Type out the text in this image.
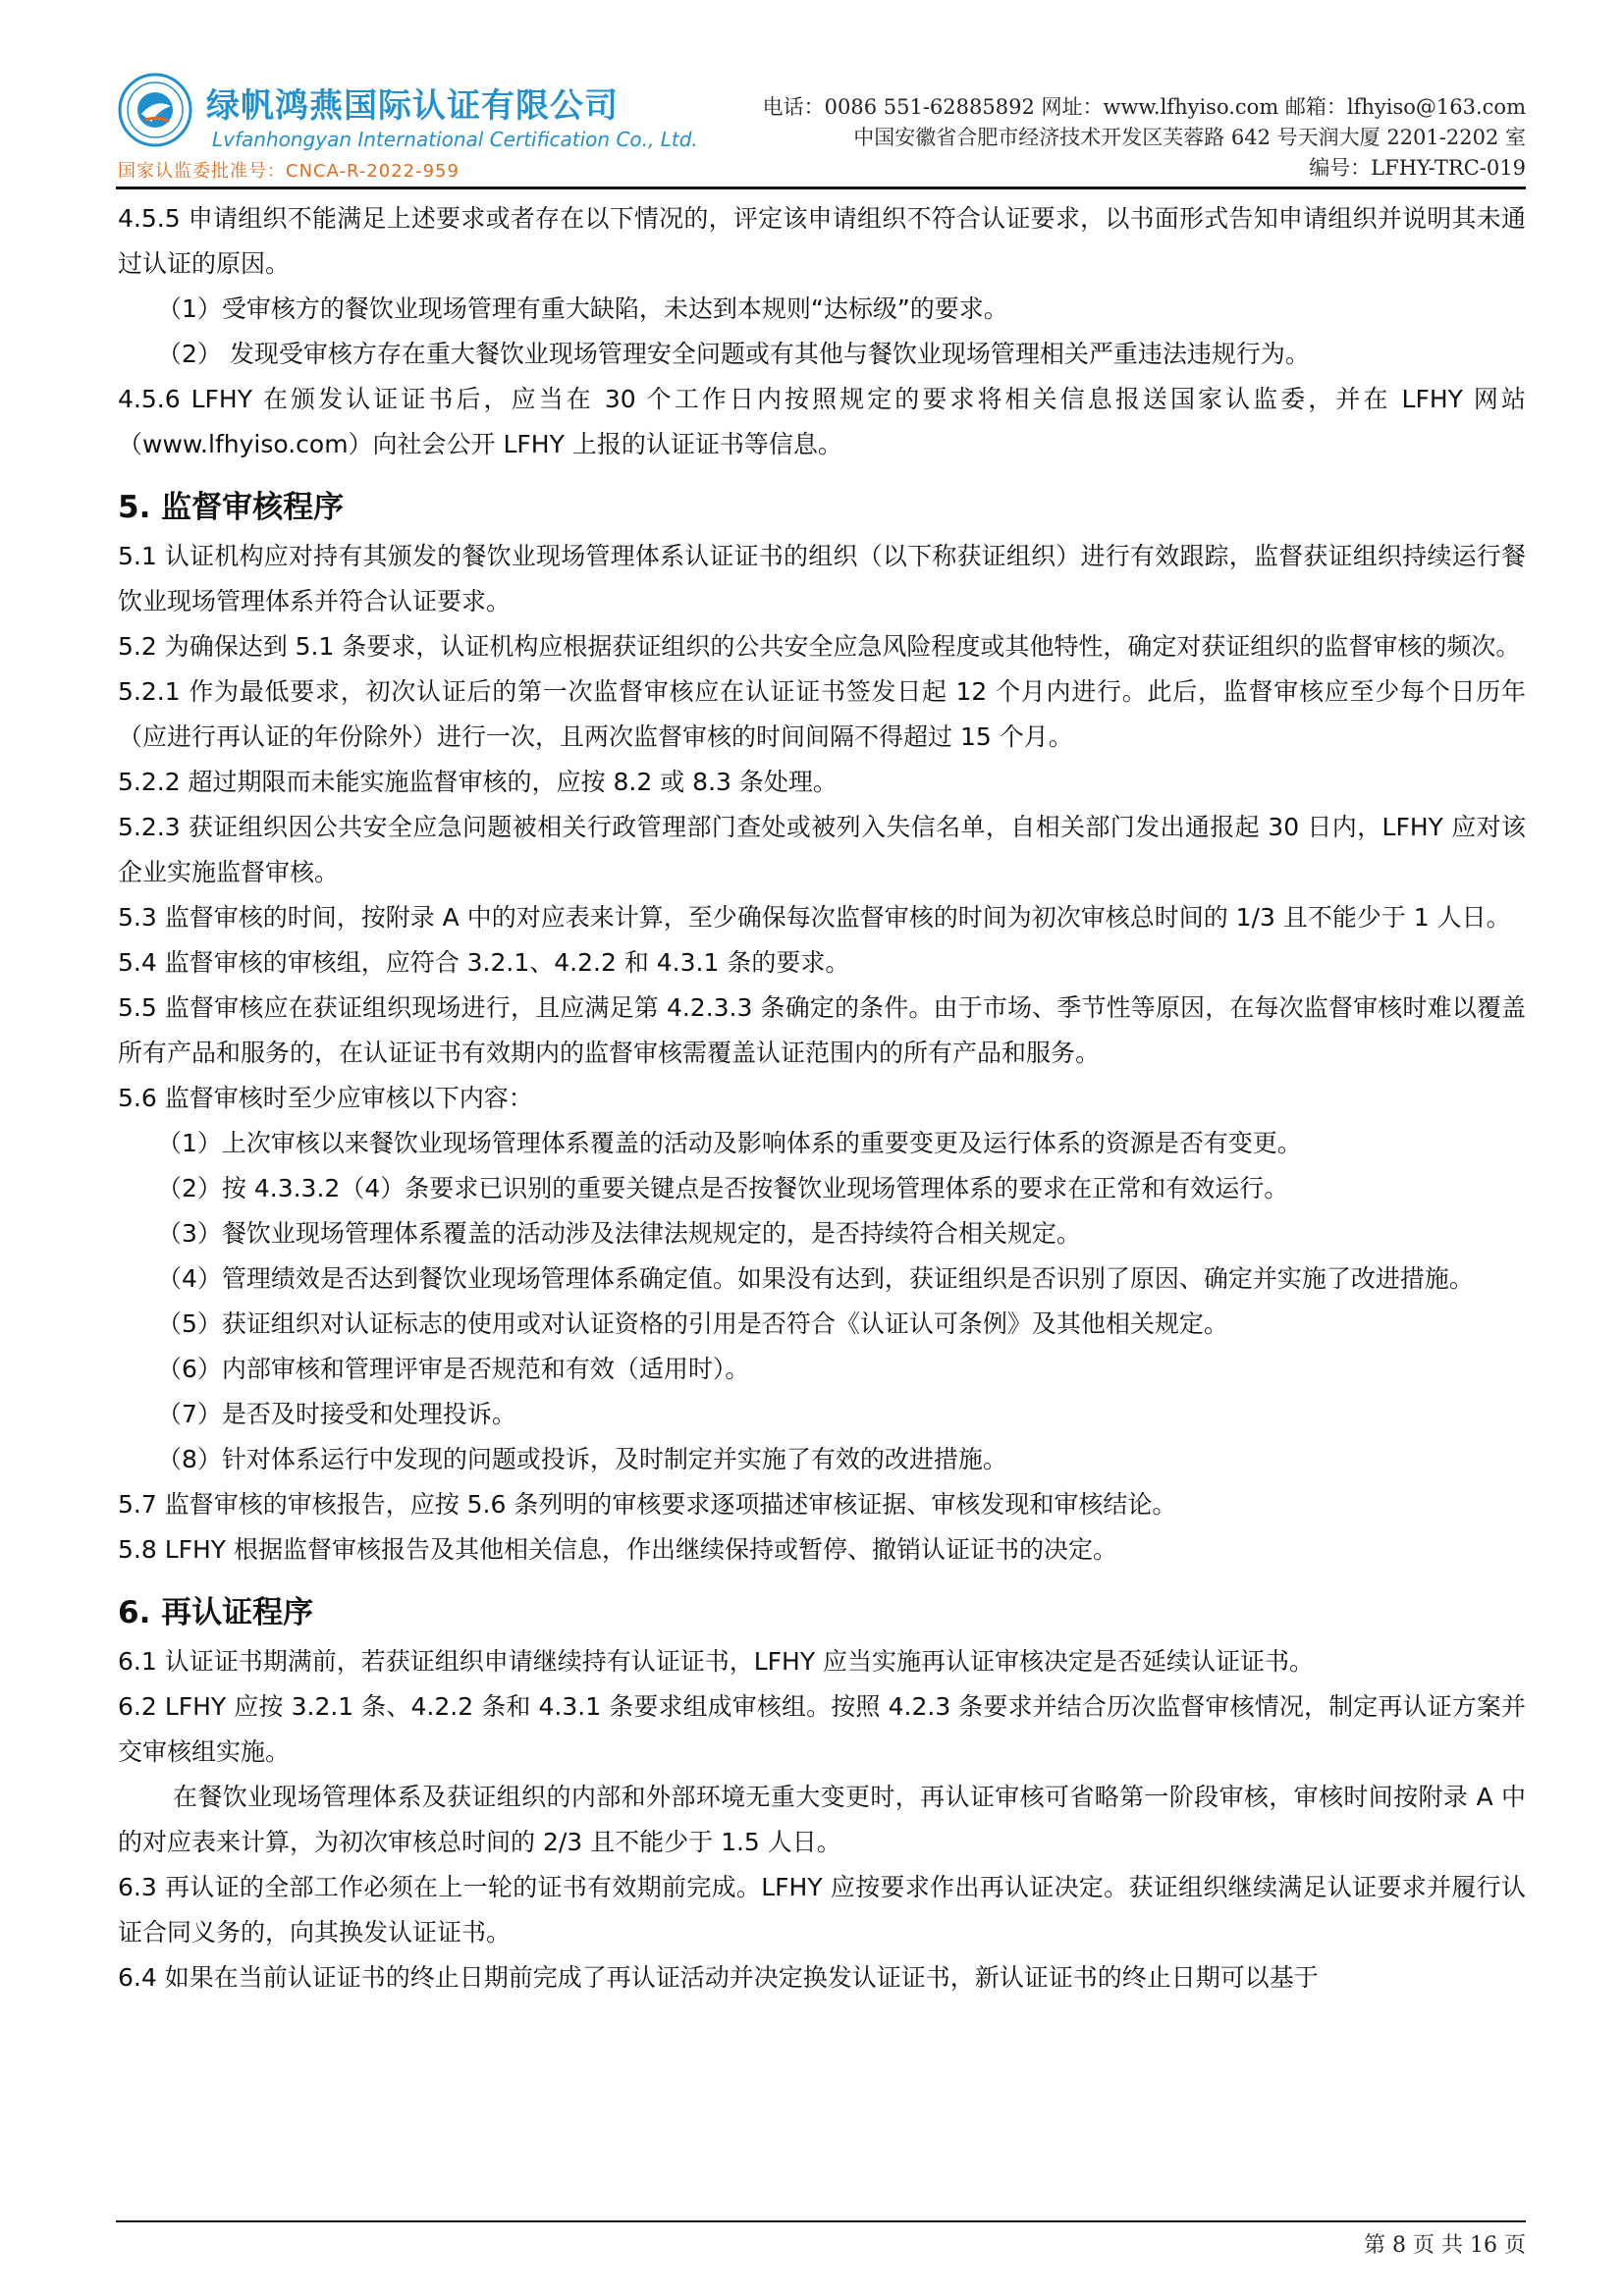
绿帆鸿燕国际认证有限公司
Lvfanhongyan International Certification Co., Ltd.
国家认监委批准号：CNCA-R-2022-959
电话：0086 551-62885892 网址：www.lfhyiso.com 邮箱：lfhyiso@163.com
中国安徽省合肥市经济技术开发区芙蓉路 642 号天润大厦 2201-2202 室
编号：LFHY-TRC-019

4.5.5 申请组织不能满足上述要求或者存在以下情况的，评定该申请组织不符合认证要求，以书面形式告知申请组织并说明其未通过认证的原因。

（1）受审核方的餐饮业现场管理有重大缺陷，未达到本规则“达标级”的要求。

（2） 发现受审核方存在重大餐饮业现场管理安全问题或有其他与餐饮业现场管理相关严重违法违规行为。

4.5.6 LFHY 在颁发认证证书后，应当在 30 个工作日内按照规定的要求将相关信息报送国家认监委，并在 LFHY 网站（www.lfhyiso.com）向社会公开 LFHY 上报的认证证书等信息。

5. 监督审核程序

5.1 认证机构应对持有其颁发的餐饮业现场管理体系认证证书的组织（以下称获证组织）进行有效跟踪，监督获证组织持续运行餐饮业现场管理体系并符合认证要求。

5.2 为确保达到 5.1 条要求，认证机构应根据获证组织的公共安全应急风险程度或其他特性，确定对获证组织的监督审核的频次。

5.2.1 作为最低要求，初次认证后的第一次监督审核应在认证证书签发日起 12 个月内进行。此后，监督审核应至少每个日历年（应进行再认证的年份除外）进行一次，且两次监督审核的时间间隔不得超过 15 个月。

5.2.2 超过期限而未能实施监督审核的，应按 8.2 或 8.3 条处理。

5.2.3 获证组织因公共安全应急问题被相关行政管理部门查处或被列入失信名单，自相关部门发出通报起 30 日内，LFHY 应对该企业实施监督审核。

5.3 监督审核的时间，按附录 A 中的对应表来计算，至少确保每次监督审核的时间为初次审核总时间的 1/3 且不能少于 1 人日。

5.4 监督审核的审核组，应符合 3.2.1、4.2.2 和 4.3.1 条的要求。

5.5 监督审核应在获证组织现场进行，且应满足第 4.2.3.3 条确定的条件。由于市场、季节性等原因，在每次监督审核时难以覆盖所有产品和服务的，在认证证书有效期内的监督审核需覆盖认证范围内的所有产品和服务。

5.6 监督审核时至少应审核以下内容：

（1）上次审核以来餐饮业现场管理体系覆盖的活动及影响体系的重要变更及运行体系的资源是否有变更。

（2）按 4.3.3.2（4）条要求已识别的重要关键点是否按餐饮业现场管理体系的要求在正常和有效运行。

（3）餐饮业现场管理体系覆盖的活动涉及法律法规规定的，是否持续符合相关规定。

（4）管理绩效是否达到餐饮业现场管理体系确定值。如果没有达到，获证组织是否识别了原因、确定并实施了改进措施。

（5）获证组织对认证标志的使用或对认证资格的引用是否符合《认证认可条例》及其他相关规定。

（6）内部审核和管理评审是否规范和有效（适用时）。

（7）是否及时接受和处理投诉。

（8）针对体系运行中发现的问题或投诉，及时制定并实施了有效的改进措施。

5.7 监督审核的审核报告，应按 5.6 条列明的审核要求逐项描述审核证据、审核发现和审核结论。

5.8 LFHY 根据监督审核报告及其他相关信息，作出继续保持或暂停、撤销认证证书的决定。

6. 再认证程序

6.1 认证证书期满前，若获证组织申请继续持有认证证书，LFHY 应当实施再认证审核决定是否延续认证证书。

6.2 LFHY 应按 3.2.1 条、4.2.2 条和 4.3.1 条要求组成审核组。按照 4.2.3 条要求并结合历次监督审核情况，制定再认证方案并交审核组实施。

在餐饮业现场管理体系及获证组织的内部和外部环境无重大变更时，再认证审核可省略第一阶段审核，审核时间按附录 A 中的对应表来计算，为初次审核总时间的 2/3 且不能少于 1.5 人日。

6.3 再认证的全部工作必须在上一轮的证书有效期前完成。LFHY 应按要求作出再认证决定。获证组织继续满足认证要求并履行认证合同义务的，向其换发认证证书。

6.4 如果在当前认证证书的终止日期前完成了再认证活动并决定换发认证证书，新认证证书的终止日期可以基于

第 8 页 共 16 页
